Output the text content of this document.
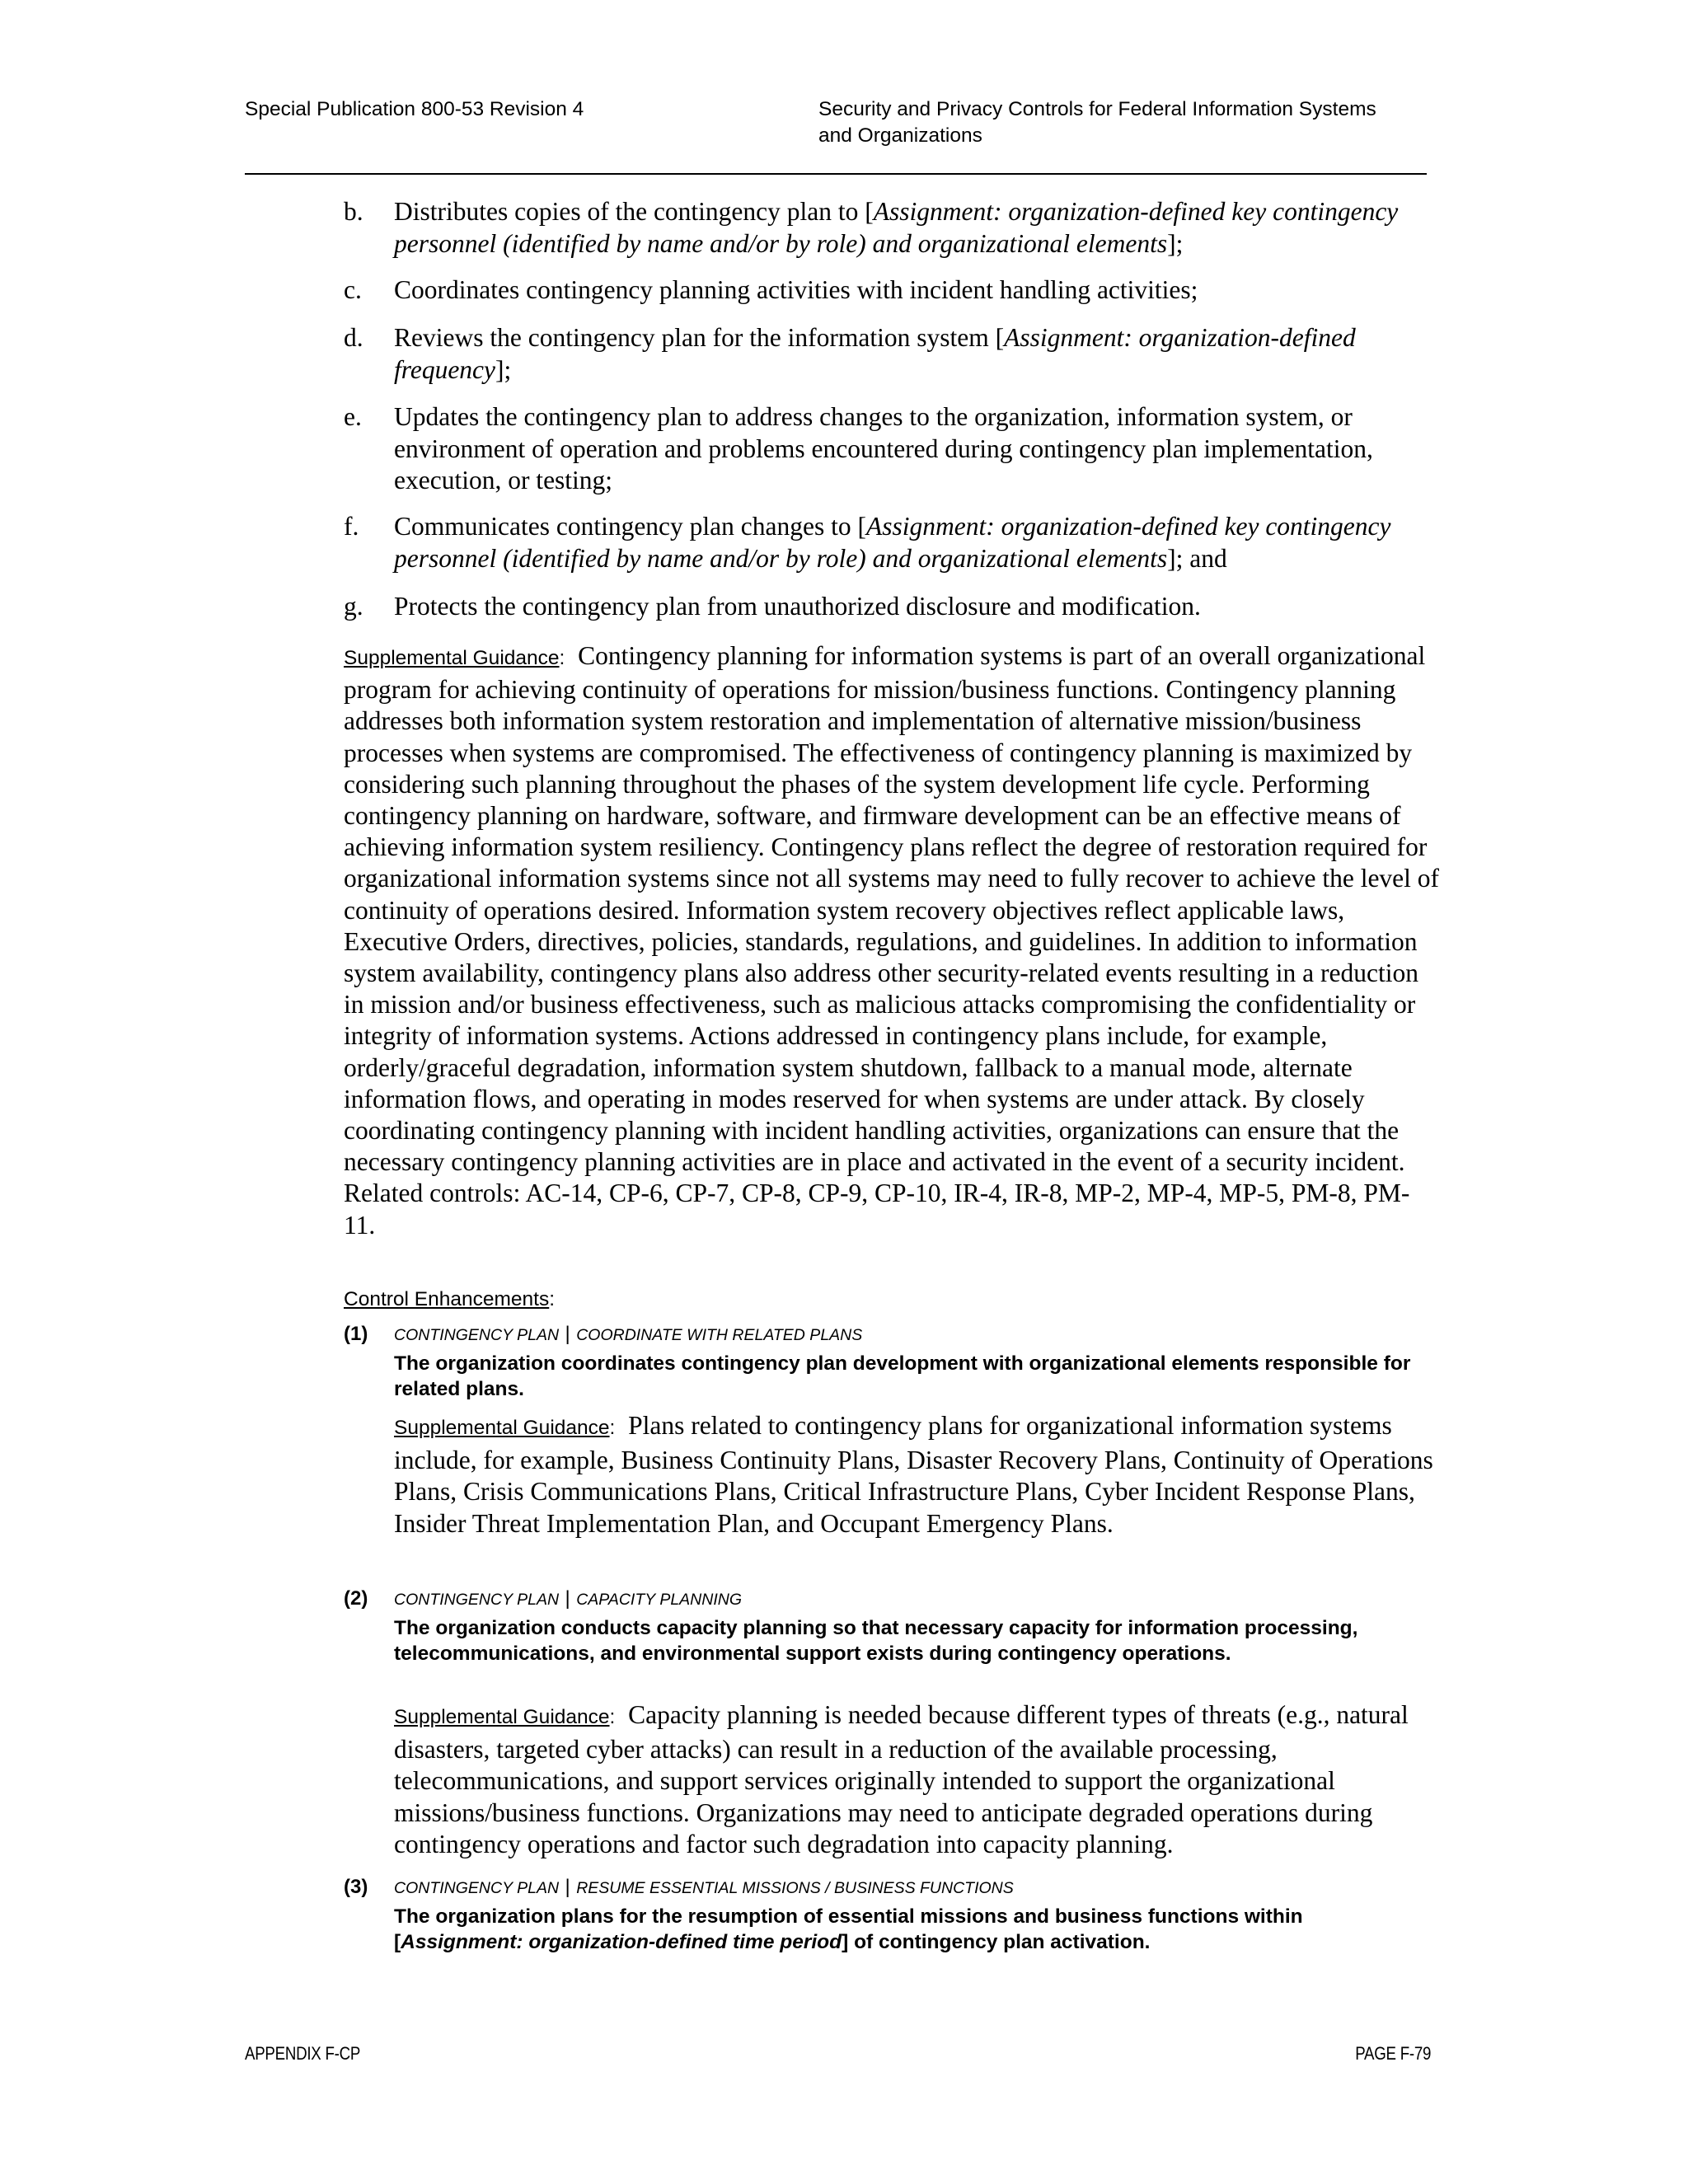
Special Publication 800-53 Revision 4	Security and Privacy Controls for Federal Information Systems
and Organizations
b. Distributes copies of the contingency plan to [Assignment: organization-defined key contingency personnel (identified by name and/or by role) and organizational elements];
c. Coordinates contingency planning activities with incident handling activities;
d. Reviews the contingency plan for the information system [Assignment: organization-defined frequency];
e. Updates the contingency plan to address changes to the organization, information system, or environment of operation and problems encountered during contingency plan implementation, execution, or testing;
f. Communicates contingency plan changes to [Assignment: organization-defined key contingency personnel (identified by name and/or by role) and organizational elements]; and
g. Protects the contingency plan from unauthorized disclosure and modification.
Supplemental Guidance: Contingency planning for information systems is part of an overall organizational program for achieving continuity of operations for mission/business functions. Contingency planning addresses both information system restoration and implementation of alternative mission/business processes when systems are compromised. The effectiveness of contingency planning is maximized by considering such planning throughout the phases of the system development life cycle. Performing contingency planning on hardware, software, and firmware development can be an effective means of achieving information system resiliency. Contingency plans reflect the degree of restoration required for organizational information systems since not all systems may need to fully recover to achieve the level of continuity of operations desired. Information system recovery objectives reflect applicable laws, Executive Orders, directives, policies, standards, regulations, and guidelines. In addition to information system availability, contingency plans also address other security-related events resulting in a reduction in mission and/or business effectiveness, such as malicious attacks compromising the confidentiality or integrity of information systems. Actions addressed in contingency plans include, for example, orderly/graceful degradation, information system shutdown, fallback to a manual mode, alternate information flows, and operating in modes reserved for when systems are under attack. By closely coordinating contingency planning with incident handling activities, organizations can ensure that the necessary contingency planning activities are in place and activated in the event of a security incident. Related controls: AC-14, CP-6, CP-7, CP-8, CP-9, CP-10, IR-4, IR-8, MP-2, MP-4, MP-5, PM-8, PM-11.
Control Enhancements:
(1) CONTINGENCY PLAN | COORDINATE WITH RELATED PLANS
The organization coordinates contingency plan development with organizational elements responsible for related plans.
Supplemental Guidance: Plans related to contingency plans for organizational information systems include, for example, Business Continuity Plans, Disaster Recovery Plans, Continuity of Operations Plans, Crisis Communications Plans, Critical Infrastructure Plans, Cyber Incident Response Plans, Insider Threat Implementation Plan, and Occupant Emergency Plans.
(2) CONTINGENCY PLAN | CAPACITY PLANNING
The organization conducts capacity planning so that necessary capacity for information processing, telecommunications, and environmental support exists during contingency operations.
Supplemental Guidance: Capacity planning is needed because different types of threats (e.g., natural disasters, targeted cyber attacks) can result in a reduction of the available processing, telecommunications, and support services originally intended to support the organizational missions/business functions. Organizations may need to anticipate degraded operations during contingency operations and factor such degradation into capacity planning.
(3) CONTINGENCY PLAN | RESUME ESSENTIAL MISSIONS / BUSINESS FUNCTIONS
The organization plans for the resumption of essential missions and business functions within [Assignment: organization-defined time period] of contingency plan activation.
APPENDIX F-CP	PAGE F-79
